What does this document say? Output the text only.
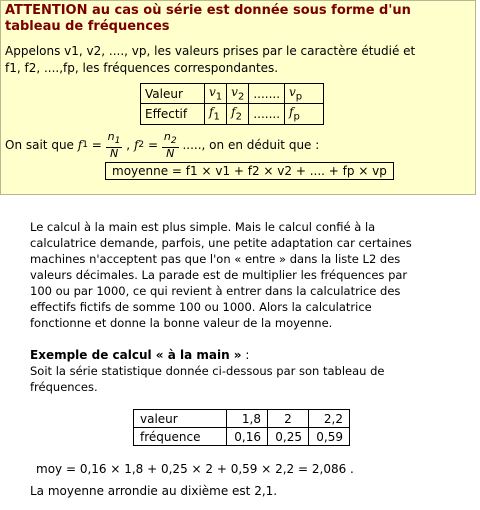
ATTENTION au cas où série est donnée sous forme d'un
tableau de fréquences
Appelons v1, v2, ...., vp, les valeurs prises par le caractère étudié et
f1, f2, ....,fp, les fréquences correspondantes.
Valeur	$v_1$	$v_2$	.......	$v_p$
Effectif	$f_1$	$f_2$	.......	$f_p$
On sait que $f1 = \frac{n_1}{N}$ , $f2 = \frac{n_2}{N}$ ....., on en déduit que :
moyenne = f1 × v1 + f2 × v2 + .... + fp × vp
Le calcul à la main est plus simple. Mais le calcul confié à la
calculatrice demande, parfois, une petite adaptation car certaines
machines n'acceptent pas que l'on « entre » dans la liste L2 des
valeurs décimales. La parade est de multiplier les fréquences par
100 ou par 1000, ce qui revient à entrer dans la calculatrice des
effectifs fictifs de somme 100 ou 1000. Alors la calculatrice
fonctionne et donne la bonne valeur de la moyenne.
Exemple de calcul « à la main » :
Soit la série statistique donnée ci-dessous par son tableau de
fréquences.
valeur	1,8	2	2,2
fréquence	0,16	0,25	0,59
moy = 0,16 × 1,8 + 0,25 × 2 + 0,59 × 2,2 = 2,086 .
La moyenne arrondie au dixième est 2,1.
